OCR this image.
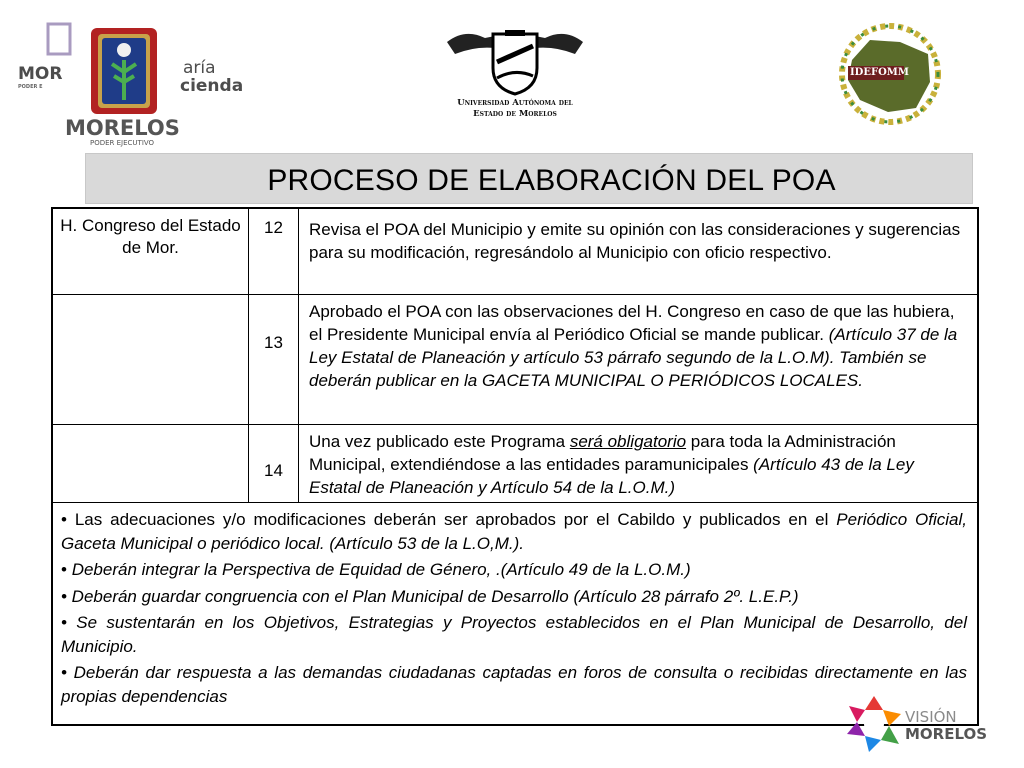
MOR
PODER E
aría
cienda
MORELOS
PODER EJECUTIVO
Universidad Autónoma del
Estado de Morelos
IDEFOMM
PROCESO DE ELABORACIÓN DEL POA
H. Congreso del Estado de Mor.
12	Revisa el POA del Municipio y emite su opinión con las consideraciones y sugerencias para su modificación, regresándolo al Municipio con oficio respectivo.
13
Aprobado el POA con las observaciones del H. Congreso en caso de que las hubiera, el Presidente Municipal envía al Periódico Oficial se mande publicar. (Artículo 37 de la Ley Estatal de Planeación y artículo 53 párrafo segundo de la L.O.M). También se deberán publicar en la GACETA MUNICIPAL O PERIÓDICOS LOCALES.
14
Una vez publicado este Programa será obligatorio para toda la Administración Municipal, extendiéndose a las entidades paramunicipales (Artículo 43 de la Ley Estatal de Planeación y Artículo 54 de la L.O.M.)
• Las adecuaciones y/o modificaciones deberán ser aprobados por el Cabildo y publicados en el Periódico Oficial, Gaceta Municipal o periódico local. (Artículo 53 de la L.O,M.).
• Deberán integrar la Perspectiva de Equidad de Género, .(Artículo 49 de la L.O.M.)
• Deberán guardar congruencia con el Plan Municipal de Desarrollo (Artículo 28 párrafo 2º. L.E.P.)
• Se sustentarán en los Objetivos, Estrategias y Proyectos establecidos en el Plan Municipal de Desarrollo, del Municipio.
• Deberán dar respuesta a las demandas ciudadanas captadas en foros de consulta o recibidas directamente en las propias dependencias
VISIÓN
MORELOS
